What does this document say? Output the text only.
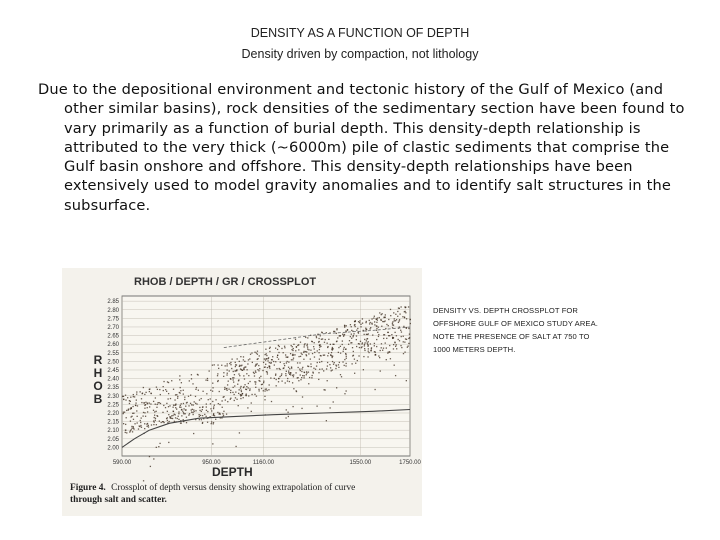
DENSITY AS A FUNCTION OF DEPTH
Density driven by compaction, not lithology

Due to the depositional environment and tectonic history of the Gulf of Mexico (and other similar basins), rock densities of the sedimentary section have been found to vary primarily as a function of burial depth. This density-depth relationship is attributed to the very thick (~6000m) pile of clastic sediments that comprise the Gulf basin onshore and offshore. This density-depth relationships have been extensively used to model gravity anomalies and to identify salt structures in the subsurface.

RHOB / DEPTH / GR / CROSSPLOT
2.85
2.80
2.75
2.70
2.65
2.60
2.55
2.50
2.45
2.40
2.35
2.30
2.25
2.20
2.15
2.10
2.05
2.00
590.00	950.00	1160.00	1550.00	1750.00
R H O B
DEPTH
Figure 4. Crossplot of depth versus density showing extrapolation of curve
through salt and scatter.
DENSITY VS. DEPTH CROSSPLOT FOR OFFSHORE GULF OF MEXICO STUDY AREA. NOTE THE PRESENCE OF SALT AT 750 TO 1000 METERS DEPTH.
